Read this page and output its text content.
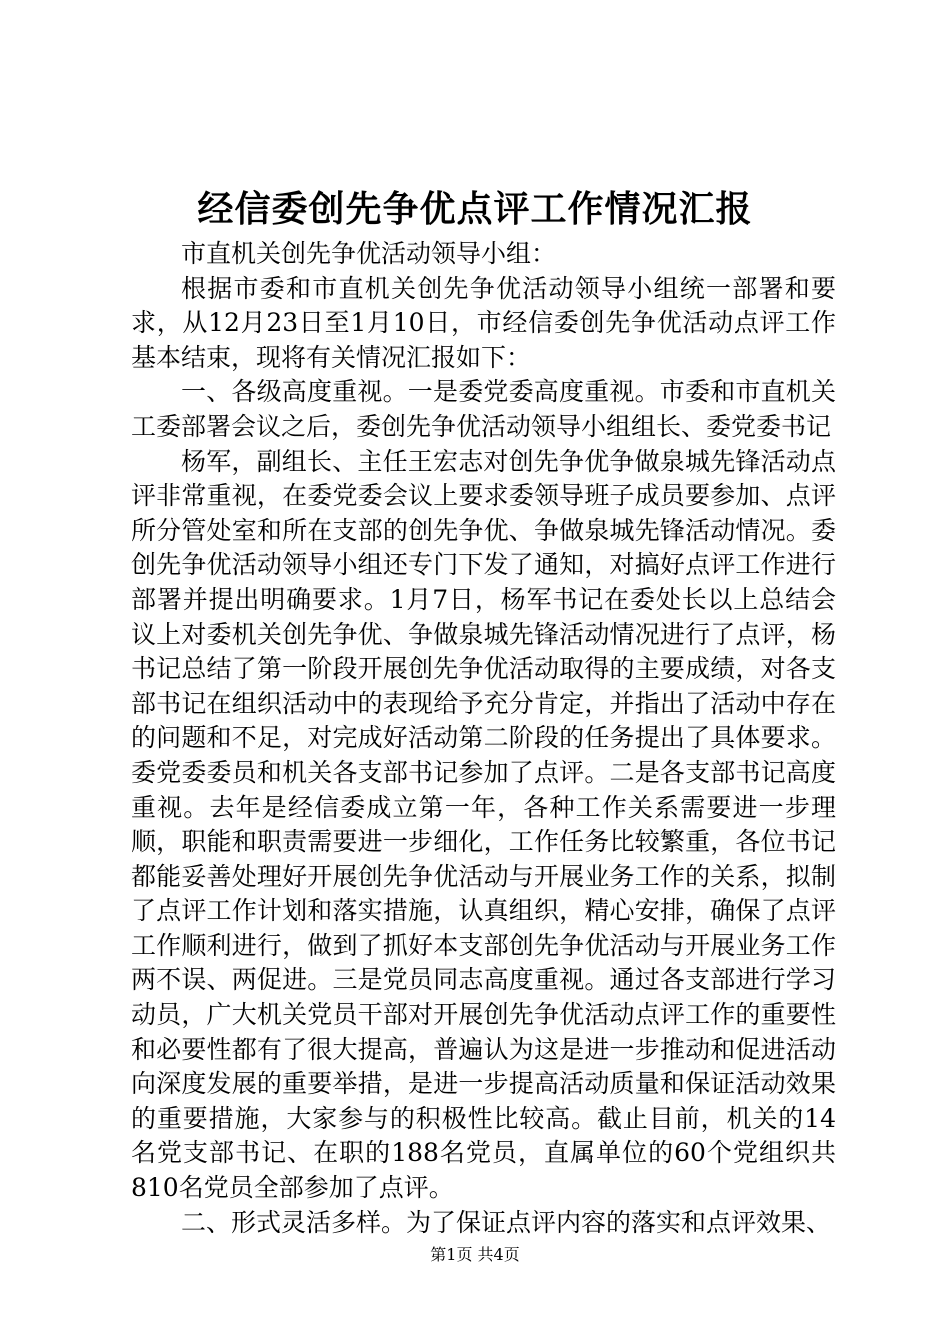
经信委创先争优点评工作情况汇报

市直机关创先争优活动领导小组：

根据市委和市直机关创先争优活动领导小组统一部署和要求，从12月23日至1月10日，市经信委创先争优活动点评工作基本结束，现将有关情况汇报如下：

一、各级高度重视。一是委党委高度重视。市委和市直机关工委部署会议之后，委创先争优活动领导小组组长、委党委书记

杨军，副组长、主任王宏志对创先争优争做泉城先锋活动点评非常重视，在委党委会议上要求委领导班子成员要参加、点评所分管处室和所在支部的创先争优、争做泉城先锋活动情况。委创先争优活动领导小组还专门下发了通知，对搞好点评工作进行部署并提出明确要求。1月7日，杨军书记在委处长以上总结会议上对委机关创先争优、争做泉城先锋活动情况进行了点评，杨书记总结了第一阶段开展创先争优活动取得的主要成绩，对各支部书记在组织活动中的表现给予充分肯定，并指出了活动中存在的问题和不足，对完成好活动第二阶段的任务提出了具体要求。委党委委员和机关各支部书记参加了点评。二是各支部书记高度重视。去年是经信委成立第一年，各种工作关系需要进一步理顺，职能和职责需要进一步细化，工作任务比较繁重，各位书记都能妥善处理好开展创先争优活动与开展业务工作的关系，拟制了点评工作计划和落实措施，认真组织，精心安排，确保了点评工作顺利进行，做到了抓好本支部创先争优活动与开展业务工作两不误、两促进。三是党员同志高度重视。通过各支部进行学习动员，广大机关党员干部对开展创先争优活动点评工作的重要性和必要性都有了很大提高，普遍认为这是进一步推动和促进活动向深度发展的重要举措，是进一步提高活动质量和保证活动效果的重要措施，大家参与的积极性比较高。截止目前，机关的14名党支部书记、在职的188名党员，直属单位的60个党组织共810名党员全部参加了点评。

二、形式灵活多样。为了保证点评内容的落实和点评效果、

第1页 共4页
